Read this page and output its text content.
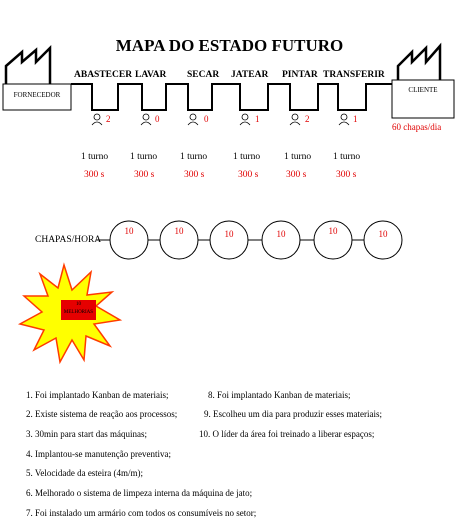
MAPA DO ESTADO FUTURO
FORNECEDOR
CLIENTE
60 chapas/dia
ABASTECER LAVAR SECAR JATEAR PINTAR TRANSFERIR
2	0	0	1	2	1
1 turno 1 turno 1 turno	1 turno	1 turno 1 turno
300 s	300 s	300 s	300 s	300 s	300 s
CHAPAS/HORA
10	10	10	10	10	10
10
MELHORIAS
1. Foi implantado Kanban de materiais;
2. Existe sistema de reação aos processos;
3. 30min para start das máquinas;
4. Implantou-se manutenção preventiva;
5. Velocidade da esteira (4m/m);
6. Melhorado o sistema de limpeza interna da máquina de jato;
7. Foi instalado um armário com todos os consumíveis no setor;
8. Foi implantado Kanban de materiais;
9. Escolheu um dia para produzir esses materiais;
10. O líder da área foi treinado a liberar espaços;
